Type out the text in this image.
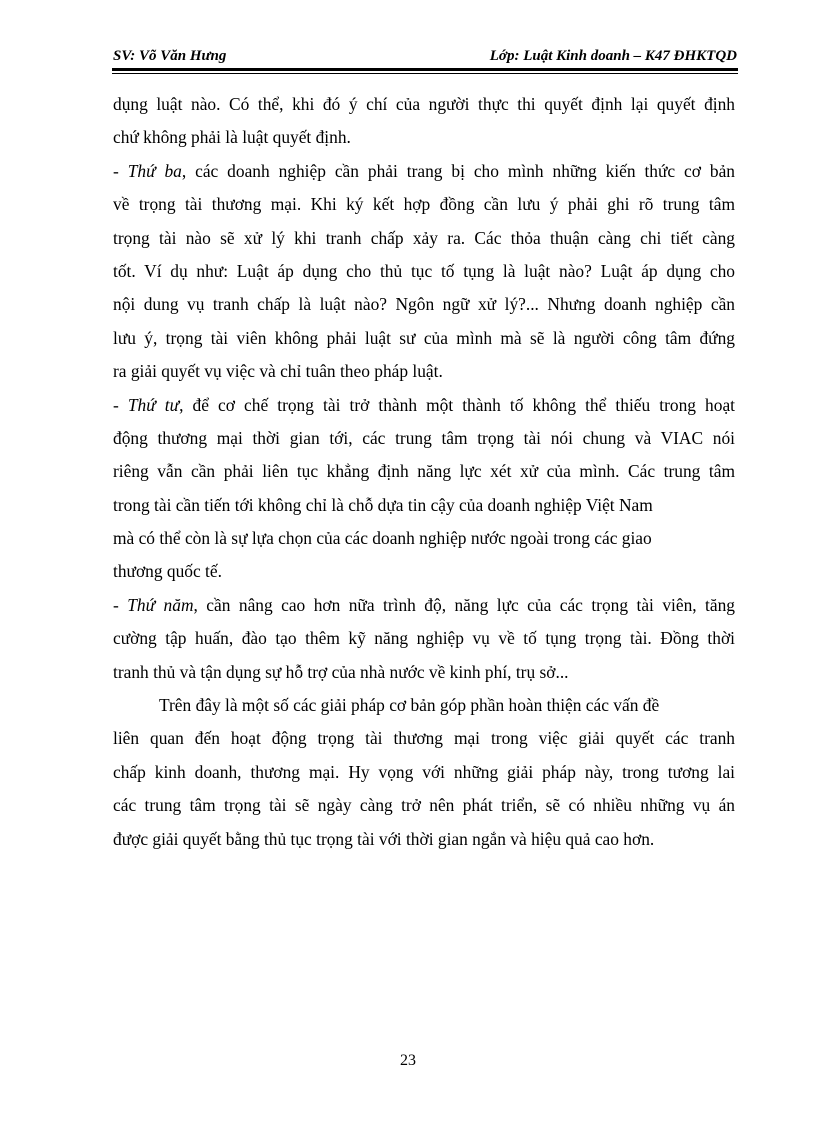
SV: Võ Văn Hưng	Lớp: Luật Kinh doanh – K47 ĐHKTQD
dụng luật nào. Có thể, khi đó ý chí của người thực thi quyết định lại quyết định
chứ không phải là luật quyết định.
- Thứ ba, các doanh nghiệp cần phải trang bị cho mình những kiến thức cơ bản
về trọng tài thương mại. Khi ký kết hợp đồng cần lưu ý phải ghi rõ trung tâm
trọng tài nào sẽ xử lý khi tranh chấp xảy ra. Các thỏa thuận càng chi tiết càng
tốt. Ví dụ như: Luật áp dụng cho thủ tục tố tụng là luật nào? Luật áp dụng cho
nội dung vụ tranh chấp là luật nào? Ngôn ngữ xử lý?... Nhưng doanh nghiệp cần
lưu ý, trọng tài viên không phải luật sư của mình mà sẽ là người công tâm đứng
ra giải quyết vụ việc và chỉ tuân theo pháp luật.
- Thứ tư, để cơ chế trọng tài trở thành một thành tố không thể thiếu trong hoạt
động thương mại thời gian tới, các trung tâm trọng tài nói chung và VIAC nói
riêng vẫn cần phải liên tục khẳng định năng lực xét xử của mình. Các trung tâm
trong tài cần tiến tới không chỉ là chỗ dựa tin cậy của doanh nghiệp Việt Nam
mà có thể còn là sự lựa chọn của các doanh nghiệp nước ngoài trong các giao
thương quốc tế.
- Thứ năm, cần nâng cao hơn nữa trình độ, năng lực của các trọng tài viên, tăng
cường tập huấn, đào tạo thêm kỹ năng nghiệp vụ về tố tụng trọng tài. Đồng thời
tranh thủ và tận dụng sự hỗ trợ của nhà nước về kinh phí, trụ sở...
Trên đây là một số các giải pháp cơ bản góp phần hoàn thiện các vấn đề
liên quan đến hoạt động trọng tài thương mại trong việc giải quyết các tranh
chấp kinh doanh, thương mại. Hy vọng với những giải pháp này, trong tương lai
các trung tâm trọng tài sẽ ngày càng trở nên phát triển, sẽ có nhiều những vụ án
được giải quyết bằng thủ tục trọng tài với thời gian ngắn và hiệu quả cao hơn.
23
